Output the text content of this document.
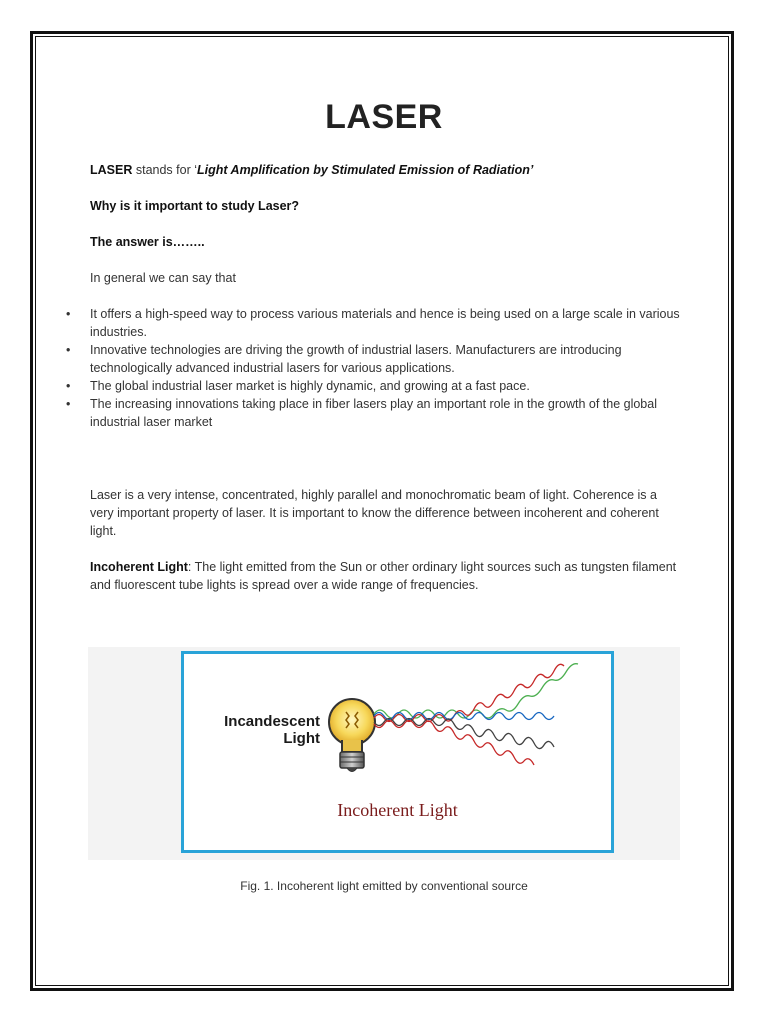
LASER
LASER stands for ‘Light Amplification by Stimulated Emission of Radiation’
Why is it important to study Laser?
The answer is……..
In general we can say that
• It offers a high-speed way to process various materials and hence is being used on a large scale in various industries.
• Innovative technologies are driving the growth of industrial lasers. Manufacturers are introducing technologically advanced industrial lasers for various applications.
• The global industrial laser market is highly dynamic, and growing at a fast pace.
• The increasing innovations taking place in fiber lasers play an important role in the growth of the global industrial laser market
Laser is a very intense, concentrated, highly parallel and monochromatic beam of light. Coherence is a very important property of laser. It is important to know the difference between incoherent and coherent light.
Incoherent Light: The light emitted from the Sun or other ordinary light sources such as tungsten filament and fluorescent tube lights is spread over a wide range of frequencies.
Incandescent
Light
Incoherent Light
Fig. 1. Incoherent light emitted by conventional source
